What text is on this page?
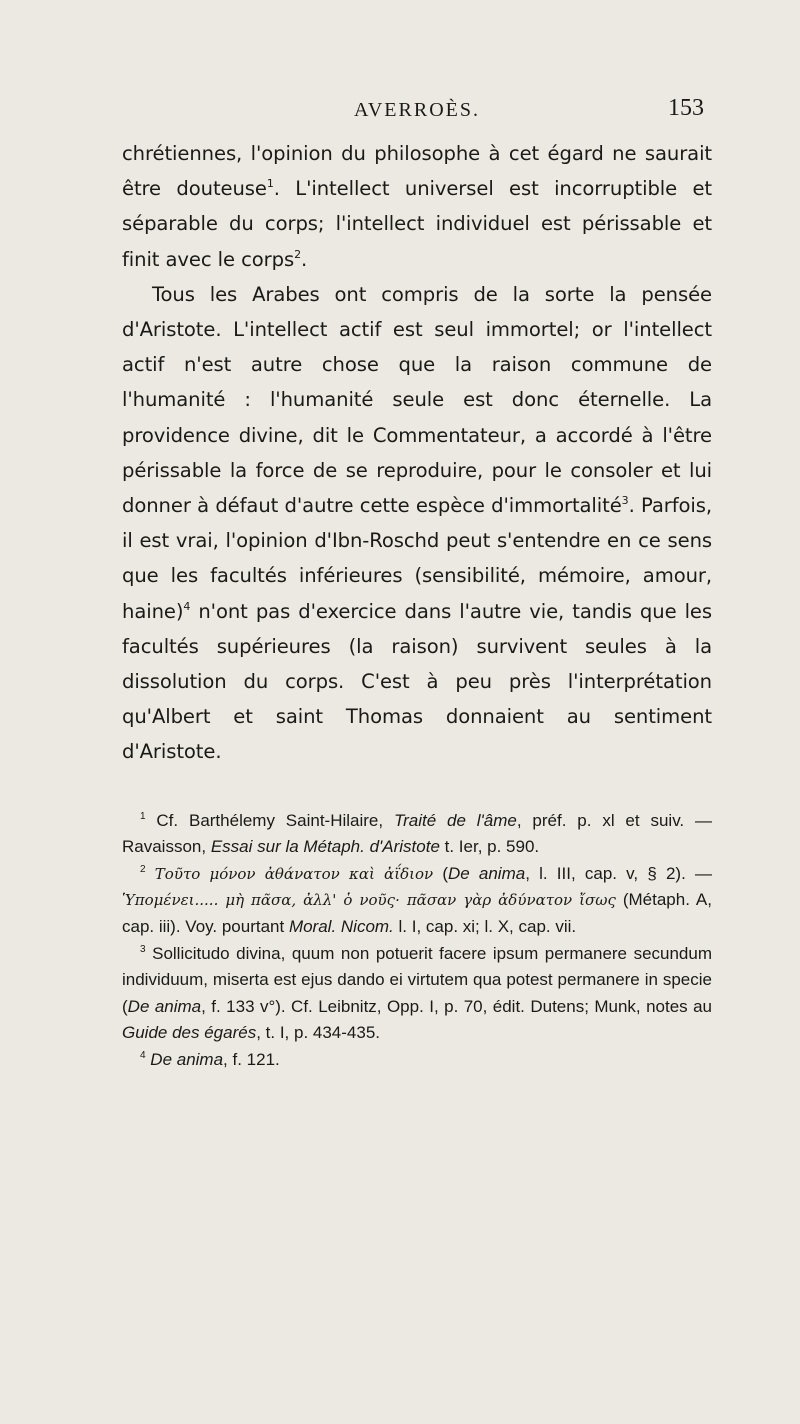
AVERROÈS.	153

chrétiennes, l'opinion du philosophe à cet égard ne saurait être douteuse$^1$. L'intellect universel est incorruptible et séparable du corps; l'intellect individuel est périssable et finit avec le corps$^2$.

Tous les Arabes ont compris de la sorte la pensée d'Aristote. L'intellect actif est seul immortel; or l'intellect actif n'est autre chose que la raison commune de l'humanité : l'humanité seule est donc éternelle. La providence divine, dit le Commentateur, a accordé à l'être périssable la force de se reproduire, pour le consoler et lui donner à défaut d'autre cette espèce d'immortalité$^3$. Parfois, il est vrai, l'opinion d'Ibn-Roschd peut s'entendre en ce sens que les facultés inférieures (sensibilité, mémoire, amour, haine)$^4$ n'ont pas d'exercice dans l'autre vie, tandis que les facultés supérieures (la raison) survivent seules à la dissolution du corps. C'est à peu près l'interprétation qu'Albert et saint Thomas donnaient au sentiment d'Aristote.

$^1$ Cf. Barthélemy Saint-Hilaire, Traité de l'âme, préf. p. xl et suiv. —Ravaisson, Essai sur la Métaph. d'Aristote t. Ier, p. 590.

$^2$ Τοῦτο μόνον ἀθάνατον καὶ ἀΐδιον (De anima, l. III, cap. v, § 2). — Ὑπομένει..... μὴ πᾶσα, ἀλλ' ὁ νοῦς· πᾶσαν γὰρ ἀδύνατον ἴσως (Métaph. A, cap. iii). Voy. pourtant Moral. Nicom. l. I, cap. xi; l. X, cap. vii.

$^3$ Sollicitudo divina, quum non potuerit facere ipsum permanere secundum individuum, miserta est ejus dando ei virtutem qua potest permanere in specie (De anima, f. 133 v°). Cf. Leibnitz, Opp. I, p. 70, édit. Dutens; Munk, notes au Guide des égarés, t. I, p. 434-435.

$^4$ De anima, f. 121.
